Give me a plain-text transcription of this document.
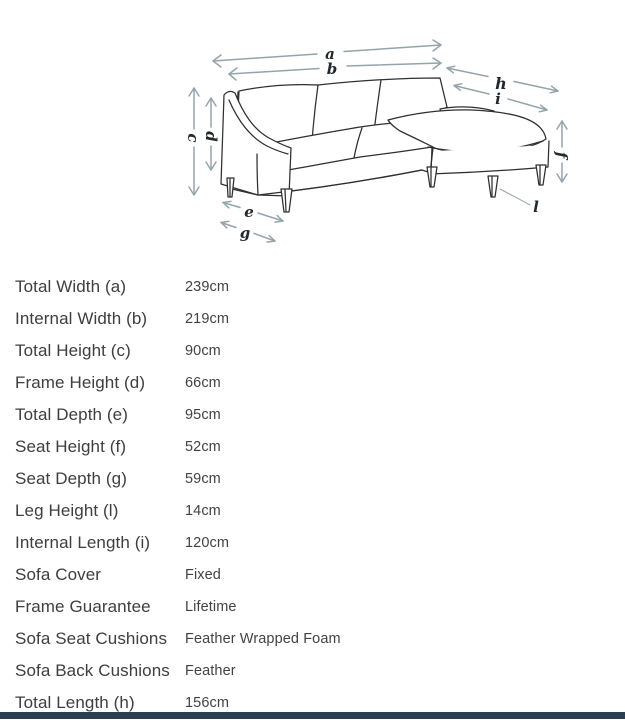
a
b
h
i
c d
f
e
g
l
Total Width (a)	239cm
Internal Width (b)	219cm
Total Height (c)	90cm
Frame Height (d)	66cm
Total Depth (e)	95cm
Seat Height (f)	52cm
Seat Depth (g)	59cm
Leg Height (l)	14cm
Internal Length (i)	120cm
Sofa Cover	Fixed
Frame Guarantee	Lifetime
Sofa Seat Cushions	Feather Wrapped Foam
Sofa Back Cushions	Feather
Total Length (h)	156cm
